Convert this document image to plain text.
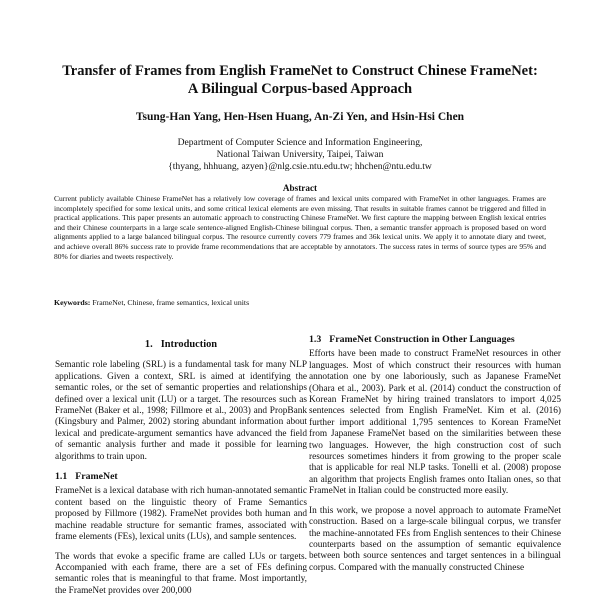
Transfer of Frames from English FrameNet to Construct Chinese FrameNet:
A Bilingual Corpus-based Approach
Tsung-Han Yang, Hen-Hsen Huang, An-Zi Yen, and Hsin-Hsi Chen
Department of Computer Science and Information Engineering,
National Taiwan University, Taipei, Taiwan
{thyang, hhhuang, azyen}@nlg.csie.ntu.edu.tw; hhchen@ntu.edu.tw
Abstract
Current publicly available Chinese FrameNet has a relatively low coverage of frames and lexical units compared with FrameNet in other languages. Frames are incompletely specified for some lexical units, and some critical lexical elements are even missing. That results in suitable frames cannot be triggered and filled in practical applications. This paper presents an automatic approach to constructing Chinese FrameNet. We first capture the mapping between English lexical entries and their Chinese counterparts in a large scale sentence-aligned English-Chinese bilingual corpus. Then, a semantic transfer approach is proposed based on word alignments applied to a large balanced bilingual corpus. The resource currently covers 779 frames and 36k lexical units. We apply it to annotate diary and tweet, and achieve overall 86% success rate to provide frame recommendations that are acceptable by annotators. The success rates in terms of source types are 95% and 80% for diaries and tweets respectively.
Keywords: FrameNet, Chinese, frame semantics, lexical units
1. Introduction

Semantic role labeling (SRL) is a fundamental task for many NLP applications. Given a context, SRL is aimed at identifying the semantic roles, or the set of semantic properties and relationships defined over a lexical unit (LU) or a target. The resources such as FrameNet (Baker et al., 1998; Fillmore et al., 2003) and PropBank (Kingsbury and Palmer, 2002) storing abundant information about lexical and predicate-argument semantics have advanced the field of semantic analysis further and made it possible for learning algorithms to train upon.

1.1 FrameNet

FrameNet is a lexical database with rich human-annotated semantic content based on the linguistic theory of Frame Semantics proposed by Fillmore (1982). FrameNet provides both human and machine readable structure for semantic frames, associated with frame elements (FEs), lexical units (LUs), and sample sentences.

The words that evoke a specific frame are called LUs or targets. Accompanied with each frame, there are a set of FEs defining semantic roles that is meaningful to that frame. Most importantly, the FrameNet provides over 200,000

1.3 FrameNet Construction in Other Languages

Efforts have been made to construct FrameNet resources in other languages. Most of which construct their resources with human annotation one by one laboriously, such as Japanese FrameNet (Ohara et al., 2003). Park et al. (2014) conduct the construction of Korean FrameNet by hiring trained translators to import 4,025 sentences selected from English FrameNet. Kim et al. (2016) further import additional 1,795 sentences to Korean FrameNet from Japanese FrameNet based on the similarities between these two languages. However, the high construction cost of such resources sometimes hinders it from growing to the proper scale that is applicable for real NLP tasks. Tonelli et al. (2008) propose an algorithm that projects English frames onto Italian ones, so that FrameNet in Italian could be constructed more easily.

In this work, we propose a novel approach to automate FrameNet construction. Based on a large-scale bilingual corpus, we transfer the machine-annotated FEs from English sentences to their Chinese counterparts based on the assumption of semantic equivalence between both source sentences and target sentences in a bilingual corpus. Compared with the manually constructed Chinese
